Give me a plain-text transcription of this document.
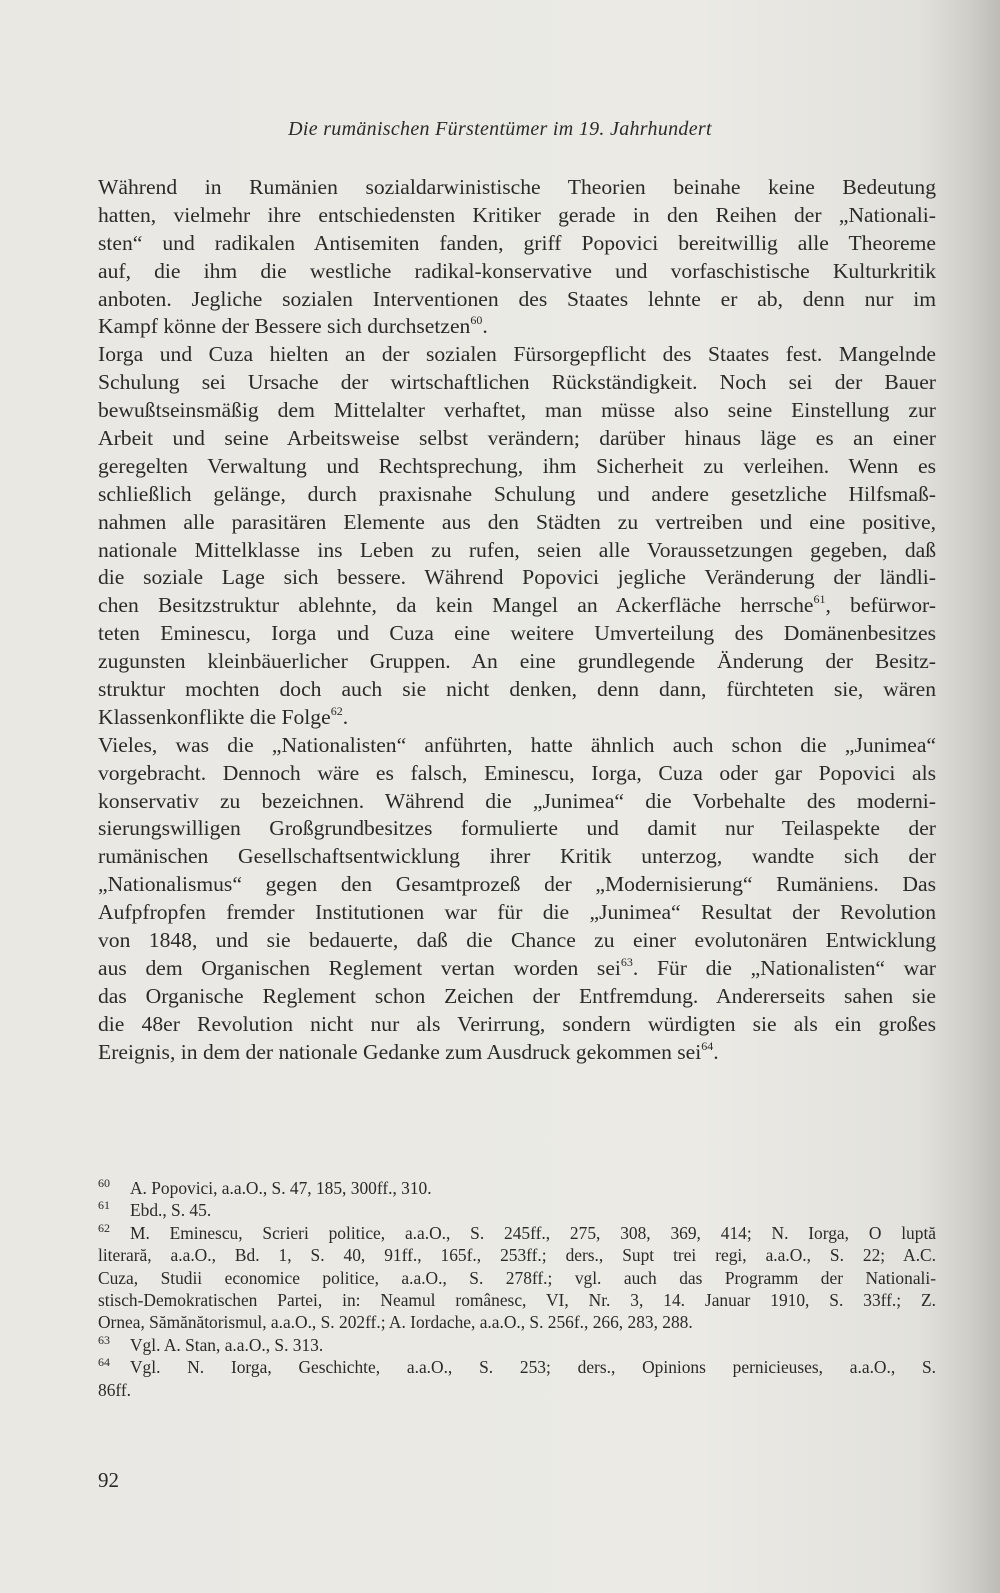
Die rumänischen Fürstentümer im 19. Jahrhundert
Während in Rumänien sozialdarwinistische Theorien beinahe keine Bedeutung
hatten, vielmehr ihre entschiedensten Kritiker gerade in den Reihen der „Nationali-
sten“ und radikalen Antisemiten fanden, griff Popovici bereitwillig alle Theoreme
auf, die ihm die westliche radikal-konservative und vorfaschistische Kulturkritik
anboten. Jegliche sozialen Interventionen des Staates lehnte er ab, denn nur im
Kampf könne der Bessere sich durchsetzen$^{60}$.
Iorga und Cuza hielten an der sozialen Fürsorgepflicht des Staates fest. Mangelnde
Schulung sei Ursache der wirtschaftlichen Rückständigkeit. Noch sei der Bauer
bewußtseinsmäßig dem Mittelalter verhaftet, man müsse also seine Einstellung zur
Arbeit und seine Arbeitsweise selbst verändern; darüber hinaus läge es an einer
geregelten Verwaltung und Rechtsprechung, ihm Sicherheit zu verleihen. Wenn es
schließlich gelänge, durch praxisnahe Schulung und andere gesetzliche Hilfsmaß-
nahmen alle parasitären Elemente aus den Städten zu vertreiben und eine positive,
nationale Mittelklasse ins Leben zu rufen, seien alle Voraussetzungen gegeben, daß
die soziale Lage sich bessere. Während Popovici jegliche Veränderung der ländli-
chen Besitzstruktur ablehnte, da kein Mangel an Ackerfläche herrsche$^{61}$, befürwor-
teten Eminescu, Iorga und Cuza eine weitere Umverteilung des Domänenbesitzes
zugunsten kleinbäuerlicher Gruppen. An eine grundlegende Änderung der Besitz-
struktur mochten doch auch sie nicht denken, denn dann, fürchteten sie, wären
Klassenkonflikte die Folge$^{62}$.
Vieles, was die „Nationalisten“ anführten, hatte ähnlich auch schon die „Junimea“
vorgebracht. Dennoch wäre es falsch, Eminescu, Iorga, Cuza oder gar Popovici als
konservativ zu bezeichnen. Während die „Junimea“ die Vorbehalte des moderni-
sierungswilligen Großgrundbesitzes formulierte und damit nur Teilaspekte der
rumänischen Gesellschaftsentwicklung ihrer Kritik unterzog, wandte sich der
„Nationalismus“ gegen den Gesamtprozeß der „Modernisierung“ Rumäniens. Das
Aufpfropfen fremder Institutionen war für die „Junimea“ Resultat der Revolution
von 1848, und sie bedauerte, daß die Chance zu einer evolutonären Entwicklung
aus dem Organischen Reglement vertan worden sei$^{63}$. Für die „Nationalisten“ war
das Organische Reglement schon Zeichen der Entfremdung. Andererseits sahen sie
die 48er Revolution nicht nur als Verirrung, sondern würdigten sie als ein großes
Ereignis, in dem der nationale Gedanke zum Ausdruck gekommen sei$^{64}$.
60 A. Popovici, a.a.O., S. 47, 185, 300ff., 310.
61 Ebd., S. 45.
62 M. Eminescu, Scrieri politice, a.a.O., S. 245ff., 275, 308, 369, 414; N. Iorga, O luptă
literară, a.a.O., Bd. 1, S. 40, 91ff., 165f., 253ff.; ders., Supt trei regi, a.a.O., S. 22; A.C.
Cuza, Studii economice politice, a.a.O., S. 278ff.; vgl. auch das Programm der Nationali-
stisch-Demokratischen Partei, in: Neamul românesc, VI, Nr. 3, 14. Januar 1910, S. 33ff.; Z.
Ornea, Sămănătorismul, a.a.O., S. 202ff.; A. Iordache, a.a.O., S. 256f., 266, 283, 288.
63 Vgl. A. Stan, a.a.O., S. 313.
64 Vgl. N. Iorga, Geschichte, a.a.O., S. 253; ders., Opinions pernicieuses, a.a.O., S.
86ff.
92
